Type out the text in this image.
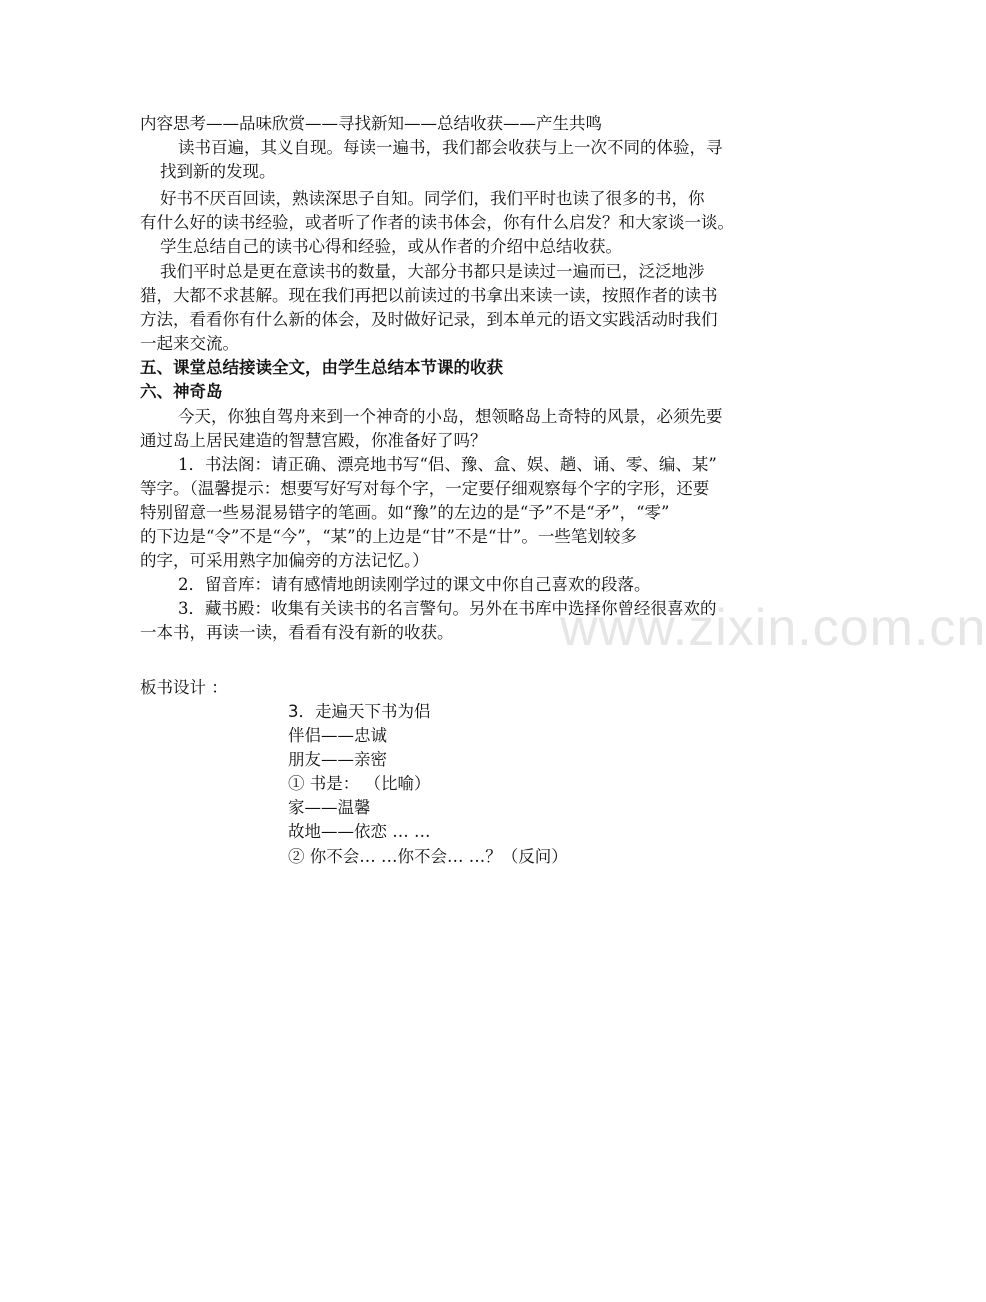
www.zixin.com.cn
内容思考——品味欣赏——寻找新知——总结收获——产生共鸣
读书百遍，其义自现。每读一遍书，我们都会收获与上一次不同的体验，寻
找到新的发现。
好书不厌百回读，熟读深思子自知。同学们，我们平时也读了很多的书，你
有什么好的读书经验，或者听了作者的读书体会，你有什么启发？和大家谈一谈。
学生总结自己的读书心得和经验，或从作者的介绍中总结收获。
我们平时总是更在意读书的数量，大部分书都只是读过一遍而已，泛泛地涉
猎，大都不求甚解。现在我们再把以前读过的书拿出来读一读，按照作者的读书
方法，看看你有什么新的体会，及时做好记录，到本单元的语文实践活动时我们
一起来交流。
五、课堂总结接读全文，由学生总结本节课的收获
六、神奇岛
今天，你独自驾舟来到一个神奇的小岛，想领略岛上奇特的风景，必须先要
通过岛上居民建造的智慧宫殿，你准备好了吗？
1．书法阁：请正确、漂亮地书写“侣、豫、盒、娱、趟、诵、零、编、某”
等字。（温馨提示：想要写好写对每个字，一定要仔细观察每个字的字形，还要
特别留意一些易混易错字的笔画。如“豫”的左边的是“予”不是“矛”，“零”
的下边是“令”不是“今”，“某”的上边是“甘”不是“廿”。一些笔划较多
的字，可采用熟字加偏旁的方法记忆。）
2．留音库：请有感情地朗读刚学过的课文中你自己喜欢的段落。
3．藏书殿：收集有关读书的名言警句。另外在书库中选择你曾经很喜欢的
一本书，再读一读，看看有没有新的收获。
板书设计 ：
3．走遍天下书为侣
伴侣——忠诚
朋友——亲密
① 书是： （比喻）
家——温馨
故地——依恋 … …
② 你不会… …你不会… …？（反问）
